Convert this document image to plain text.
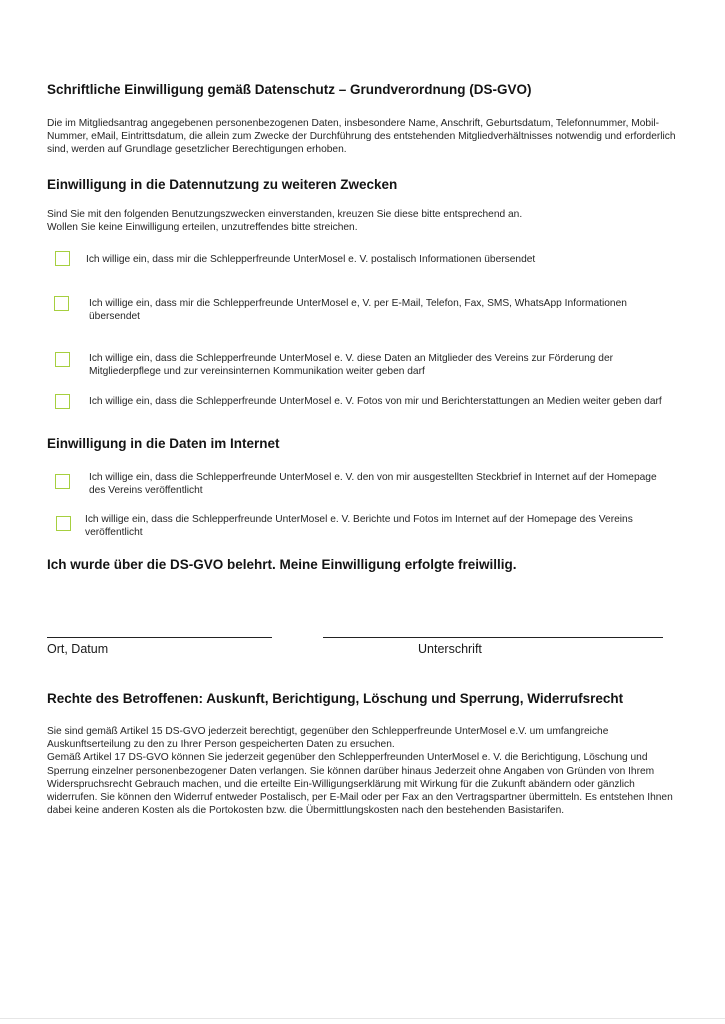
Schriftliche Einwilligung gemäß Datenschutz – Grundverordnung (DS-GVO)
Die im Mitgliedsantrag angegebenen personenbezogenen Daten, insbesondere Name, Anschrift, Geburtsdatum, Telefonnummer, Mobil-Nummer, eMail, Eintrittsdatum, die allein zum Zwecke der Durchführung des entstehenden Mitgliedverhältnisses notwendig und erforderlich sind, werden auf Grundlage gesetzlicher Berechtigungen erhoben.
Einwilligung in die Datennutzung zu weiteren Zwecken

Sind Sie mit den folgenden Benutzungszwecken einverstanden, kreuzen Sie diese bitte entsprechend an.

Wollen Sie keine Einwilligung erteilen, unzutreffendes bitte streichen.

Ich willige ein, dass mir die Schlepperfreunde UnterMosel e. V. postalisch Informationen übersendet
Ich willige ein, dass mir die Schlepperfreunde UnterMosel e, V. per E-Mail, Telefon, Fax, SMS, WhatsApp Informationen übersendet
Ich willige ein, dass die Schlepperfreunde UnterMosel e. V. diese Daten an Mitglieder des Vereins zur Förderung der Mitgliederpflege und zur vereinsinternen Kommunikation weiter geben darf
Ich willige ein, dass die Schlepperfreunde UnterMosel e. V. Fotos von mir und Berichterstattungen an Medien weiter geben darf
Einwilligung in die Daten im Internet
Ich willige ein, dass die Schlepperfreunde UnterMosel e. V. den von mir ausgestellten Steckbrief in Internet auf der Homepage des Vereins veröffentlicht
Ich willige ein, dass die Schlepperfreunde UnterMosel e. V. Berichte und Fotos im Internet auf der Homepage des Vereins veröffentlicht
Ich wurde über die DS-GVO belehrt. Meine Einwilligung erfolgte freiwillig.
Ort, Datum	Unterschrift
Rechte des Betroffenen: Auskunft, Berichtigung, Löschung und Sperrung, Widerrufsrecht

Sie sind gemäß Artikel 15 DS-GVO jederzeit berechtigt, gegenüber den Schlepperfreunde UnterMosel e.V. um umfangreiche Auskunftserteilung zu den zu Ihrer Person gespeicherten Daten zu ersuchen.

Gemäß Artikel 17 DS-GVO können Sie jederzeit gegenüber den Schlepperfreunden UnterMosel e. V. die Berichtigung, Löschung und Sperrung einzelner personenbezogener Daten verlangen. Sie können darüber hinaus Jederzeit ohne Angaben von Gründen von Ihrem Widerspruchsrecht Gebrauch machen, und die erteilte Ein-Willigungserklärung mit Wirkung für die Zukunft abändern oder gänzlich widerrufen. Sie können den Widerruf entweder Postalisch, per E-Mail oder per Fax an den Vertragspartner übermitteln. Es entstehen Ihnen dabei keine anderen Kosten als die Portokosten bzw. die Übermittlungskosten nach den bestehenden Basistarifen.
